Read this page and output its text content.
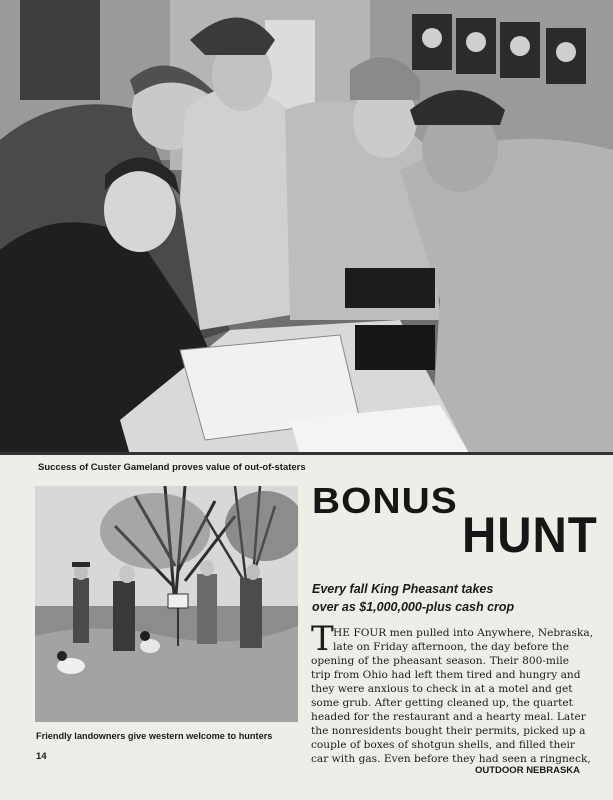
Success of Custer Gameland proves value of out-of-staters
Friendly landowners give western welcome to hunters
BONUS
HUNT
Every fall King Pheasant takes
over as $1,000,000-plus cash crop
T HE FOUR men pulled into Anywhere, Nebraska,
late on Friday afternoon, the day before the
opening of the pheasant season. Their 800-mile
trip from Ohio had left them tired and hungry and
they were anxious to check in at a motel and get
some grub. After getting cleaned up, the quartet
headed for the restaurant and a hearty meal. Later
the nonresidents bought their permits, picked up a
couple of boxes of shotgun shells, and filled their
car with gas. Even before they had seen a ringneck,
14
OUTDOOR NEBRASKA
